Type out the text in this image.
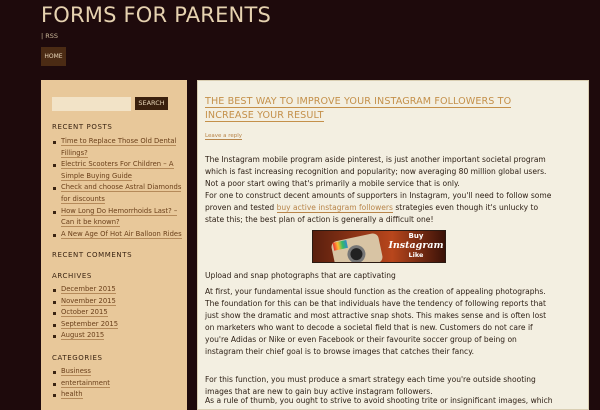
FORMS FOR PARENTS
| RSS
HOME
SEARCH
RECENT POSTS
Time to Replace Those Old Dental Fillings?
Electric Scooters For Children – A Simple Buying Guide
Check and choose Astral Diamonds for discounts
How Long Do Hemorrhoids Last? – Can it be known?
A New Age Of Hot Air Balloon Rides
RECENT COMMENTS
ARCHIVES
December 2015
November 2015
October 2015
September 2015
August 2015
CATEGORIES
Business
entertainment
health
THE BEST WAY TO IMPROVE YOUR INSTAGRAM FOLLOWERS TO INCREASE YOUR RESULT
Leave a reply
The Instagram mobile program aside pinterest, is just another important societal program which is fast increasing recognition and popularity; now averaging 80 million global users. Not a poor start owing that's primarily a mobile service that is only.
For one to construct decent amounts of supporters in Instagram, you'll need to follow some proven and tested buy active instagram followers strategies even though it's unlucky to state this; the best plan of action is generally a difficult one!
Buy
Instagram
Like
Upload and snap photographs that are captivating
At first, your fundamental issue should function as the creation of appealing photographs. The foundation for this can be that individuals have the tendency of following reports that just show the dramatic and most attractive snap shots. This makes sense and is often lost on marketers who want to decode a societal field that is new. Customers do not care if you're Adidas or Nike or even Facebook or their favourite soccer group of being on instagram their chief goal is to browse images that catches their fancy.
For this function, you must produce a smart strategy each time you're outside shooting images that are new to gain buy active instagram followers.
As a rule of thumb, you ought to strive to avoid shooting trite or insignificant images, which
